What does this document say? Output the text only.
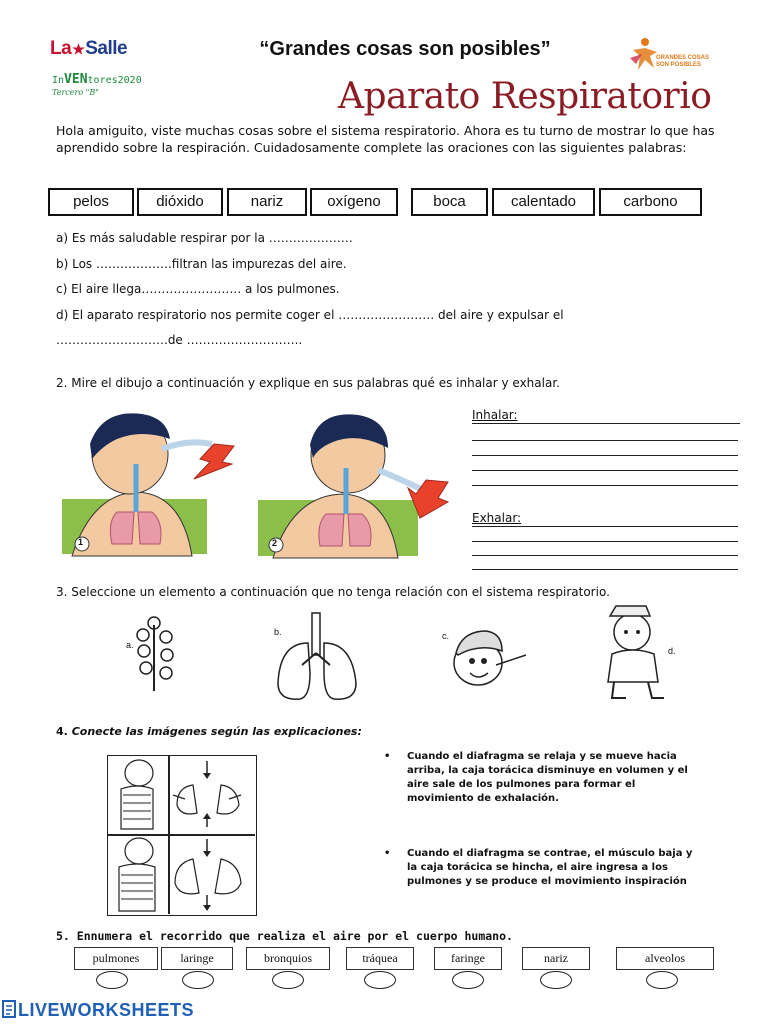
La★Salle	“Grandes cosas son posibles”
InVENtores2020
Tercero "B"
GRANDES COSAS SON POSIBLES
Aparato Respiratorio
Hola amiguito, viste muchas cosas sobre el sistema respiratorio. Ahora es tu turno de mostrar lo que has aprendido sobre la respiración. Cuidadosamente complete las oraciones con las siguientes palabras:
pelos	dióxido	nariz	oxígeno	boca	calentado	carbono
a) Es más saludable respirar por la …………………
b) Los ……………….filtran las impurezas del aire.
c) El aire llega……………………. a los pulmones.
d) El aparato respiratorio nos permite coger el …………………… del aire y expulsar el
……………………….de ………………………..
2. Mire el dibujo a continuación y explique en sus palabras qué es inhalar y exhalar.
1	2
Inhalar:
Exhalar:
3. Seleccione un elemento a continuación que no tenga relación con el sistema respiratorio.
a.
b.	c.
d.
4. Conecte las imágenes según las explicaciones:
• Cuando el diafragma se relaja y se mueve hacia arriba, la caja torácica disminuye en volumen y el aire sale de los pulmones para formar el movimiento de exhalación.
• Cuando el diafragma se contrae, el músculo baja y la caja torácica se hincha, el aire ingresa a los pulmones y se produce el movimiento inspiración
5. Ennumera el recorrido que realiza el aire por el cuerpo humano.
pulmones	laringe	bronquios	tráquea	faringe	nariz	alveolos
LIVEWORKSHEETS
